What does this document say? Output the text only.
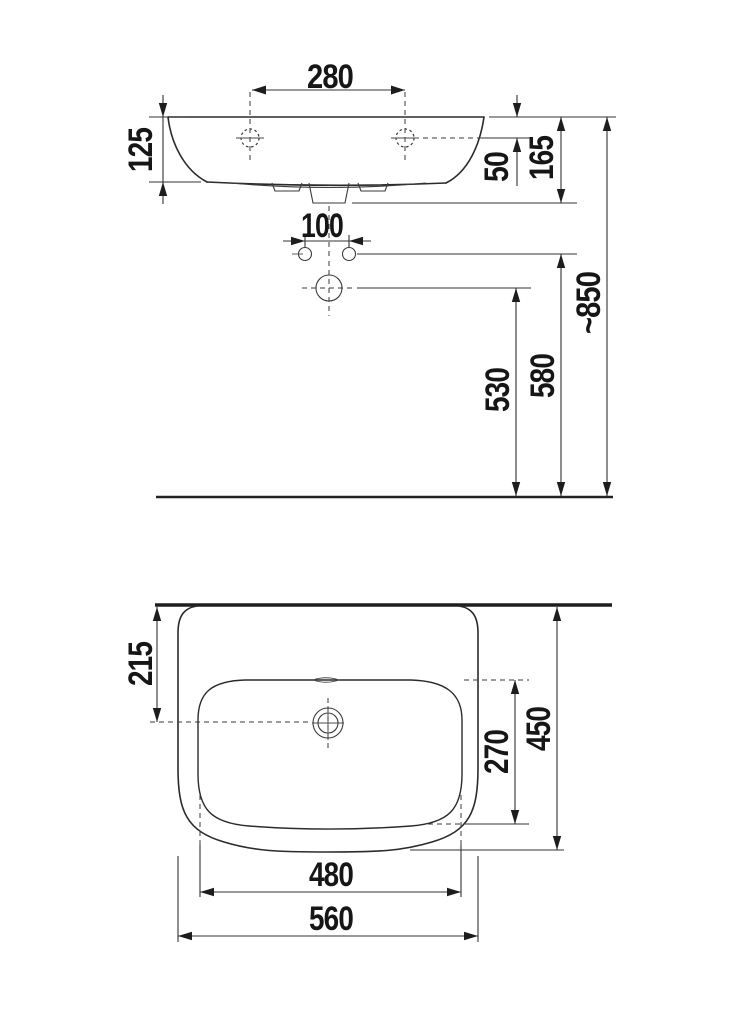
280
125	50 165
100
530 580
~850
215
270 450
480
560
